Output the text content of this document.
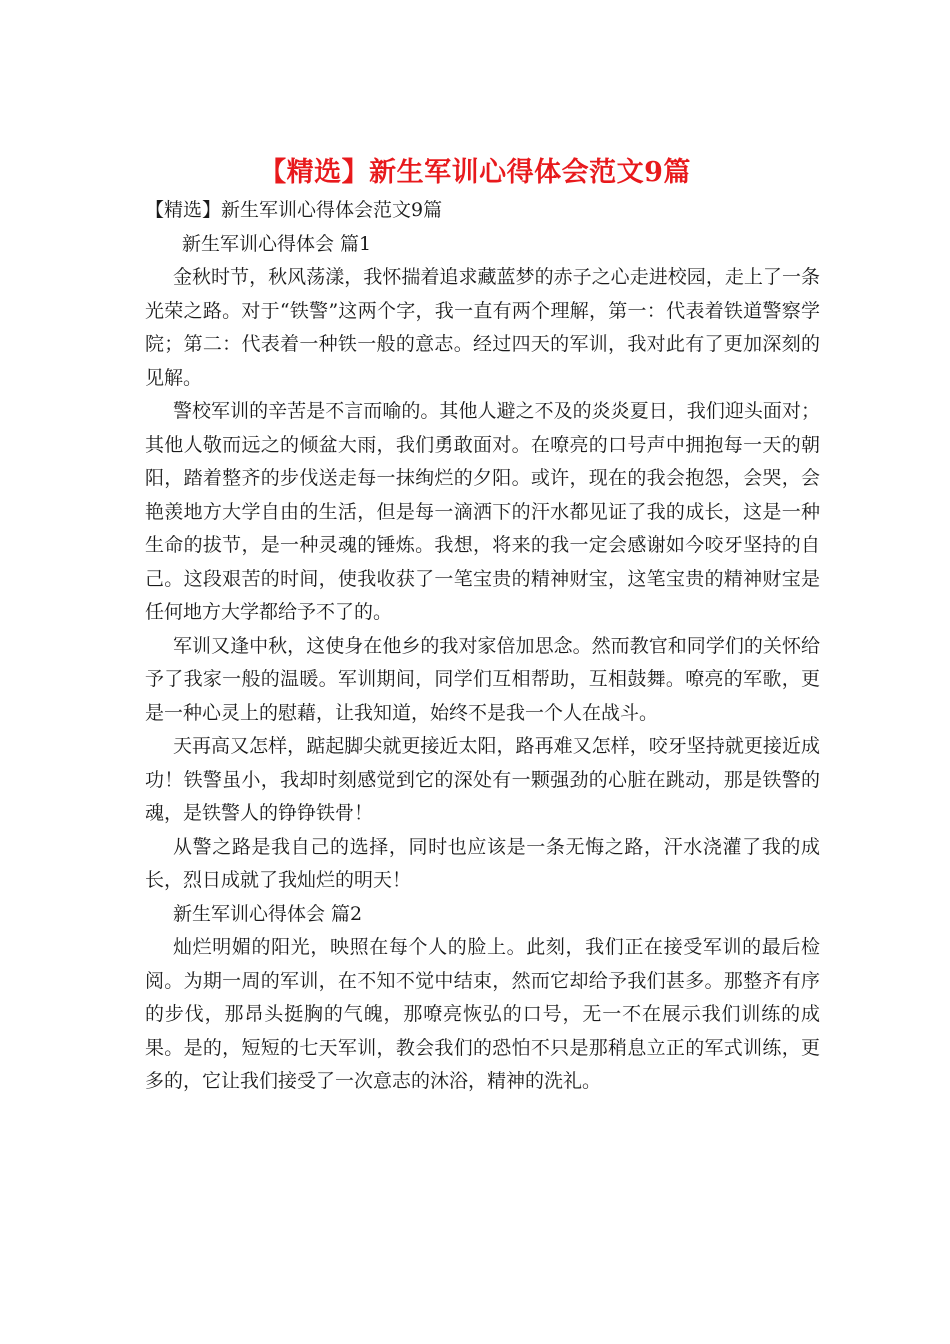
【精选】新生军训心得体会范文9篇

【精选】新生军训心得体会范文9篇

新生军训心得体会 篇1

金秋时节，秋风荡漾，我怀揣着追求藏蓝梦的赤子之心走进校园，走上了一条光荣之路。对于“铁警”这两个字，我一直有两个理解，第一：代表着铁道警察学院；第二：代表着一种铁一般的意志。经过四天的军训，我对此有了更加深刻的见解。

警校军训的辛苦是不言而喻的。其他人避之不及的炎炎夏日，我们迎头面对；其他人敬而远之的倾盆大雨，我们勇敢面对。在嘹亮的口号声中拥抱每一天的朝阳，踏着整齐的步伐送走每一抹绚烂的夕阳。或许，现在的我会抱怨，会哭，会艳羡地方大学自由的生活，但是每一滴洒下的汗水都见证了我的成长，这是一种生命的拔节，是一种灵魂的锤炼。我想，将来的我一定会感谢如今咬牙坚持的自己。这段艰苦的时间，使我收获了一笔宝贵的精神财宝，这笔宝贵的精神财宝是任何地方大学都给予不了的。

军训又逢中秋，这使身在他乡的我对家倍加思念。然而教官和同学们的关怀给予了我家一般的温暖。军训期间，同学们互相帮助，互相鼓舞。嘹亮的军歌，更是一种心灵上的慰藉，让我知道，始终不是我一个人在战斗。

天再高又怎样，踮起脚尖就更接近太阳，路再难又怎样，咬牙坚持就更接近成功！铁警虽小，我却时刻感觉到它的深处有一颗强劲的心脏在跳动，那是铁警的魂，是铁警人的铮铮铁骨！

从警之路是我自己的选择，同时也应该是一条无悔之路，汗水浇灌了我的成长，烈日成就了我灿烂的明天！

新生军训心得体会 篇2

灿烂明媚的阳光，映照在每个人的脸上。此刻，我们正在接受军训的最后检阅。为期一周的军训，在不知不觉中结束，然而它却给予我们甚多。那整齐有序的步伐，那昂头挺胸的气魄，那嘹亮恢弘的口号，无一不在展示我们训练的成果。是的，短短的七天军训，教会我们的恐怕不只是那稍息立正的军式训练，更多的，它让我们接受了一次意志的沐浴，精神的洗礼。
